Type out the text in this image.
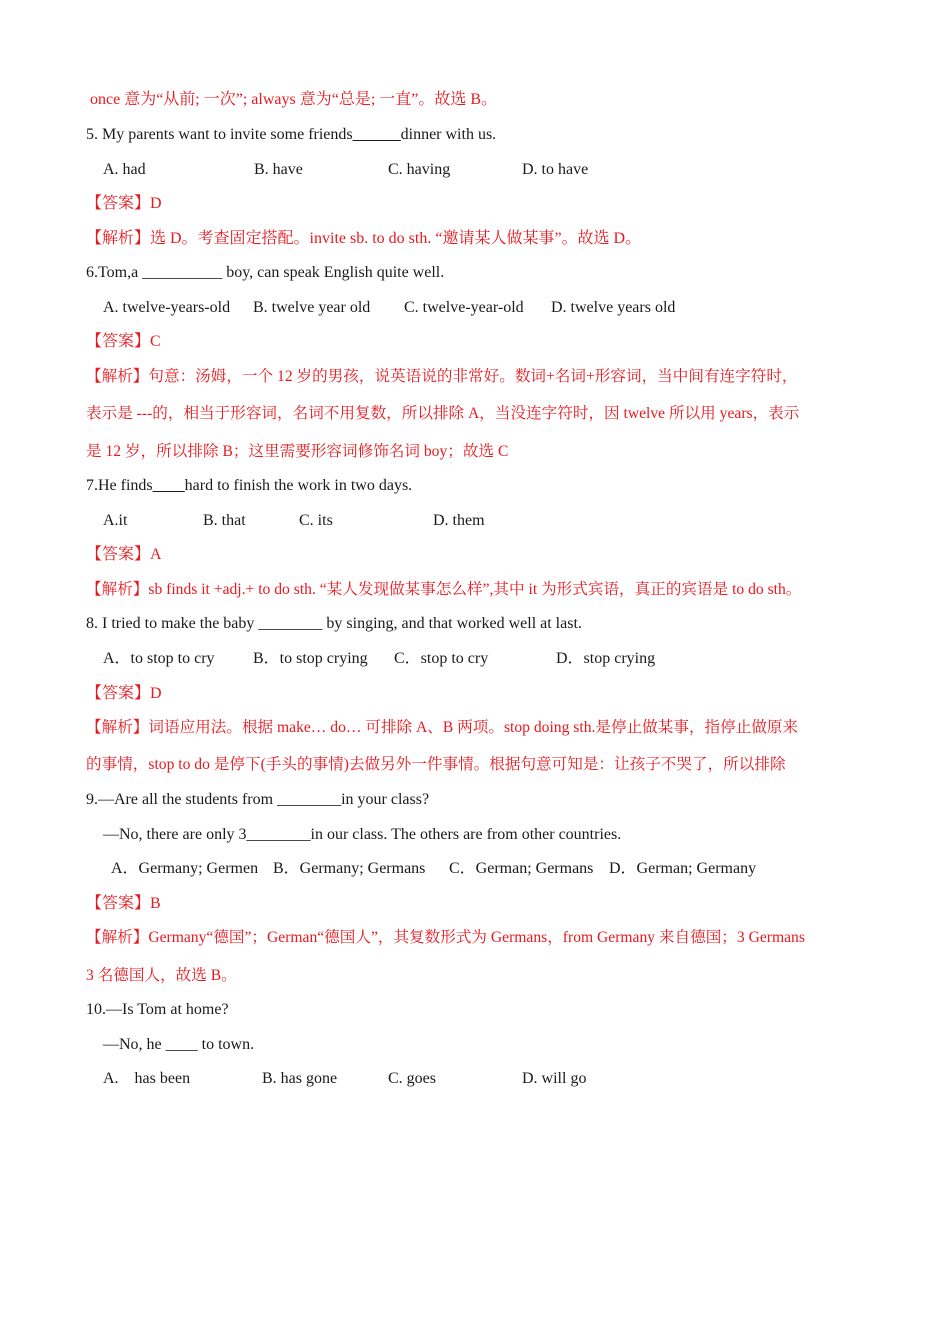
once 意为“从前; 一次”; always 意为“总是; 一直”。故选 B。
5. My parents want to invite some friends______dinner with us.
A. had	B. have	C. having	D. to have
【答案】D
【解析】选 D。考查固定搭配。invite sb. to do sth. “邀请某人做某事”。故选 D。
6.Tom,a __________ boy, can speak English quite well.
A. twelve-years-old B. twelve year old C. twelve-year-old D. twelve years old
【答案】C
【解析】句意：汤姆，一个 12 岁的男孩，说英语说的非常好。数词+名词+形容词，当中间有连字符时，
表示是 ---的，相当于形容词，名词不用复数，所以排除 A，当没连字符时，因 twelve 所以用 years，表示
是 12 岁，所以排除 B；这里需要形容词修饰名词 boy；故选 C
7.He finds____hard to finish the work in two days.
A.it	B. that	C. its	D. them
【答案】A
【解析】sb finds it +adj.+ to do sth. “某人发现做某事怎么样”,其中 it 为形式宾语，真正的宾语是 to do sth。
8. I tried to make the baby ________ by singing, and that worked well at last.
A．to stop to cry B．to stop crying C．stop to cry	D．stop crying
【答案】D
【解析】词语应用法。根据 make… do… 可排除 A、B 两项。stop doing sth.是停止做某事，指停止做原来
的事情，stop to do 是停下(手头的事情)去做另外一件事情。根据句意可知是：让孩子不哭了，所以排除
9.—Are all the students from ________in your class?
—No, there are only 3________in our class. The others are from other countries.
A．Germany; Germen B．Germany; Germans C．German; Germans D．German; Germany
【答案】B
【解析】Germany“德国”；German“德国人”，其复数形式为 Germans，from Germany 来自德国；3 Germans
3 名德国人，故选 B。
10.—Is Tom at home?
—No, he ____ to town.
A.    has been	B. has gone	C. goes	D. will go
